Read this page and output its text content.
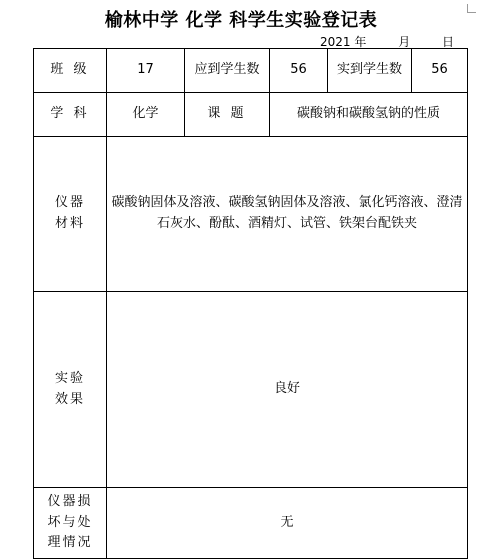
榆林中学 化学 科学生实验登记表
2021 年	月	日
班 级	17	应到学生数	56	实到学生数	56
学 科	化学	课 题	碳酸钠和碳酸氢钠的性质		

仪器
材料	碳酸钠固体及溶液、碳酸氢钠固体及溶液、氯化钙溶液、澄清石灰水、酚酞、酒精灯、试管、铁架台配铁夹				

实验
效果	良好				

仪器损
坏与处
理情况	无				
